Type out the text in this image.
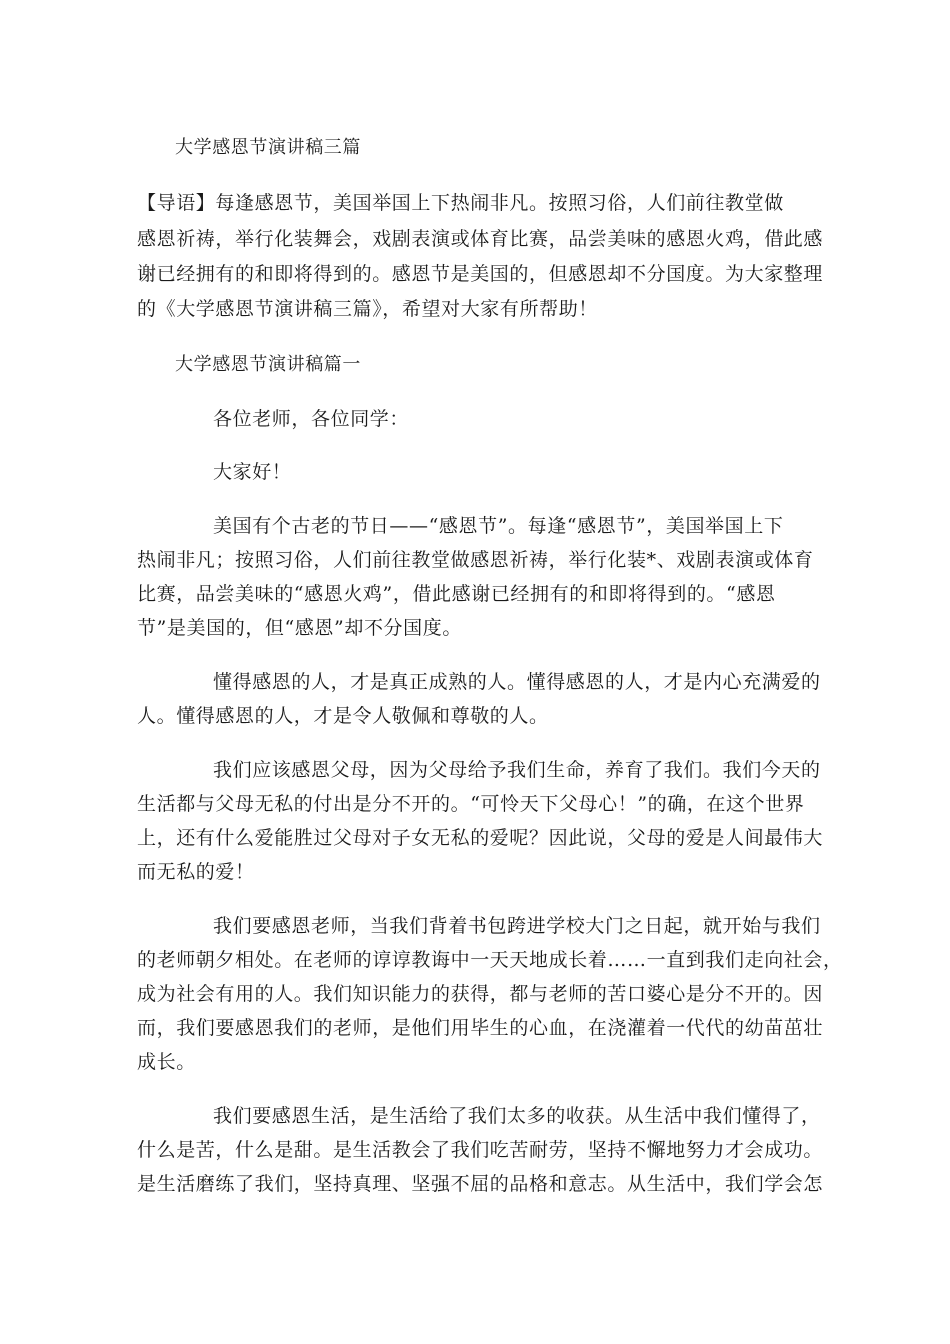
大学感恩节演讲稿三篇
【导语】每逢感恩节，美国举国上下热闹非凡。按照习俗，人们前往教堂做
感恩祈祷，举行化装舞会，戏剧表演或体育比赛，品尝美味的感恩火鸡，借此感
谢已经拥有的和即将得到的。感恩节是美国的，但感恩却不分国度。为大家整理
的《大学感恩节演讲稿三篇》，希望对大家有所帮助！
大学感恩节演讲稿篇一
各位老师，各位同学：
大家好！
美国有个古老的节日——“感恩节”。每逢“感恩节”，美国举国上下
热闹非凡；按照习俗，人们前往教堂做感恩祈祷，举行化装*、戏剧表演或体育
比赛，品尝美味的“感恩火鸡”，借此感谢已经拥有的和即将得到的。“感恩
节”是美国的，但“感恩”却不分国度。
懂得感恩的人，才是真正成熟的人。懂得感恩的人，才是内心充满爱的
人。懂得感恩的人，才是令人敬佩和尊敬的人。
我们应该感恩父母，因为父母给予我们生命，养育了我们。我们今天的
生活都与父母无私的付出是分不开的。“可怜天下父母心！”的确，在这个世界
上，还有什么爱能胜过父母对子女无私的爱呢？因此说，父母的爱是人间最伟大
而无私的爱！
我们要感恩老师，当我们背着书包跨进学校大门之日起，就开始与我们
的老师朝夕相处。在老师的谆谆教诲中一天天地成长着……一直到我们走向社会，
成为社会有用的人。我们知识能力的获得，都与老师的苦口婆心是分不开的。因
而，我们要感恩我们的老师，是他们用毕生的心血，在浇灌着一代代的幼苗茁壮
成长。
我们要感恩生活，是生活给了我们太多的收获。从生活中我们懂得了，
什么是苦，什么是甜。是生活教会了我们吃苦耐劳，坚持不懈地努力才会成功。
是生活磨练了我们，坚持真理、坚强不屈的品格和意志。从生活中，我们学会怎
